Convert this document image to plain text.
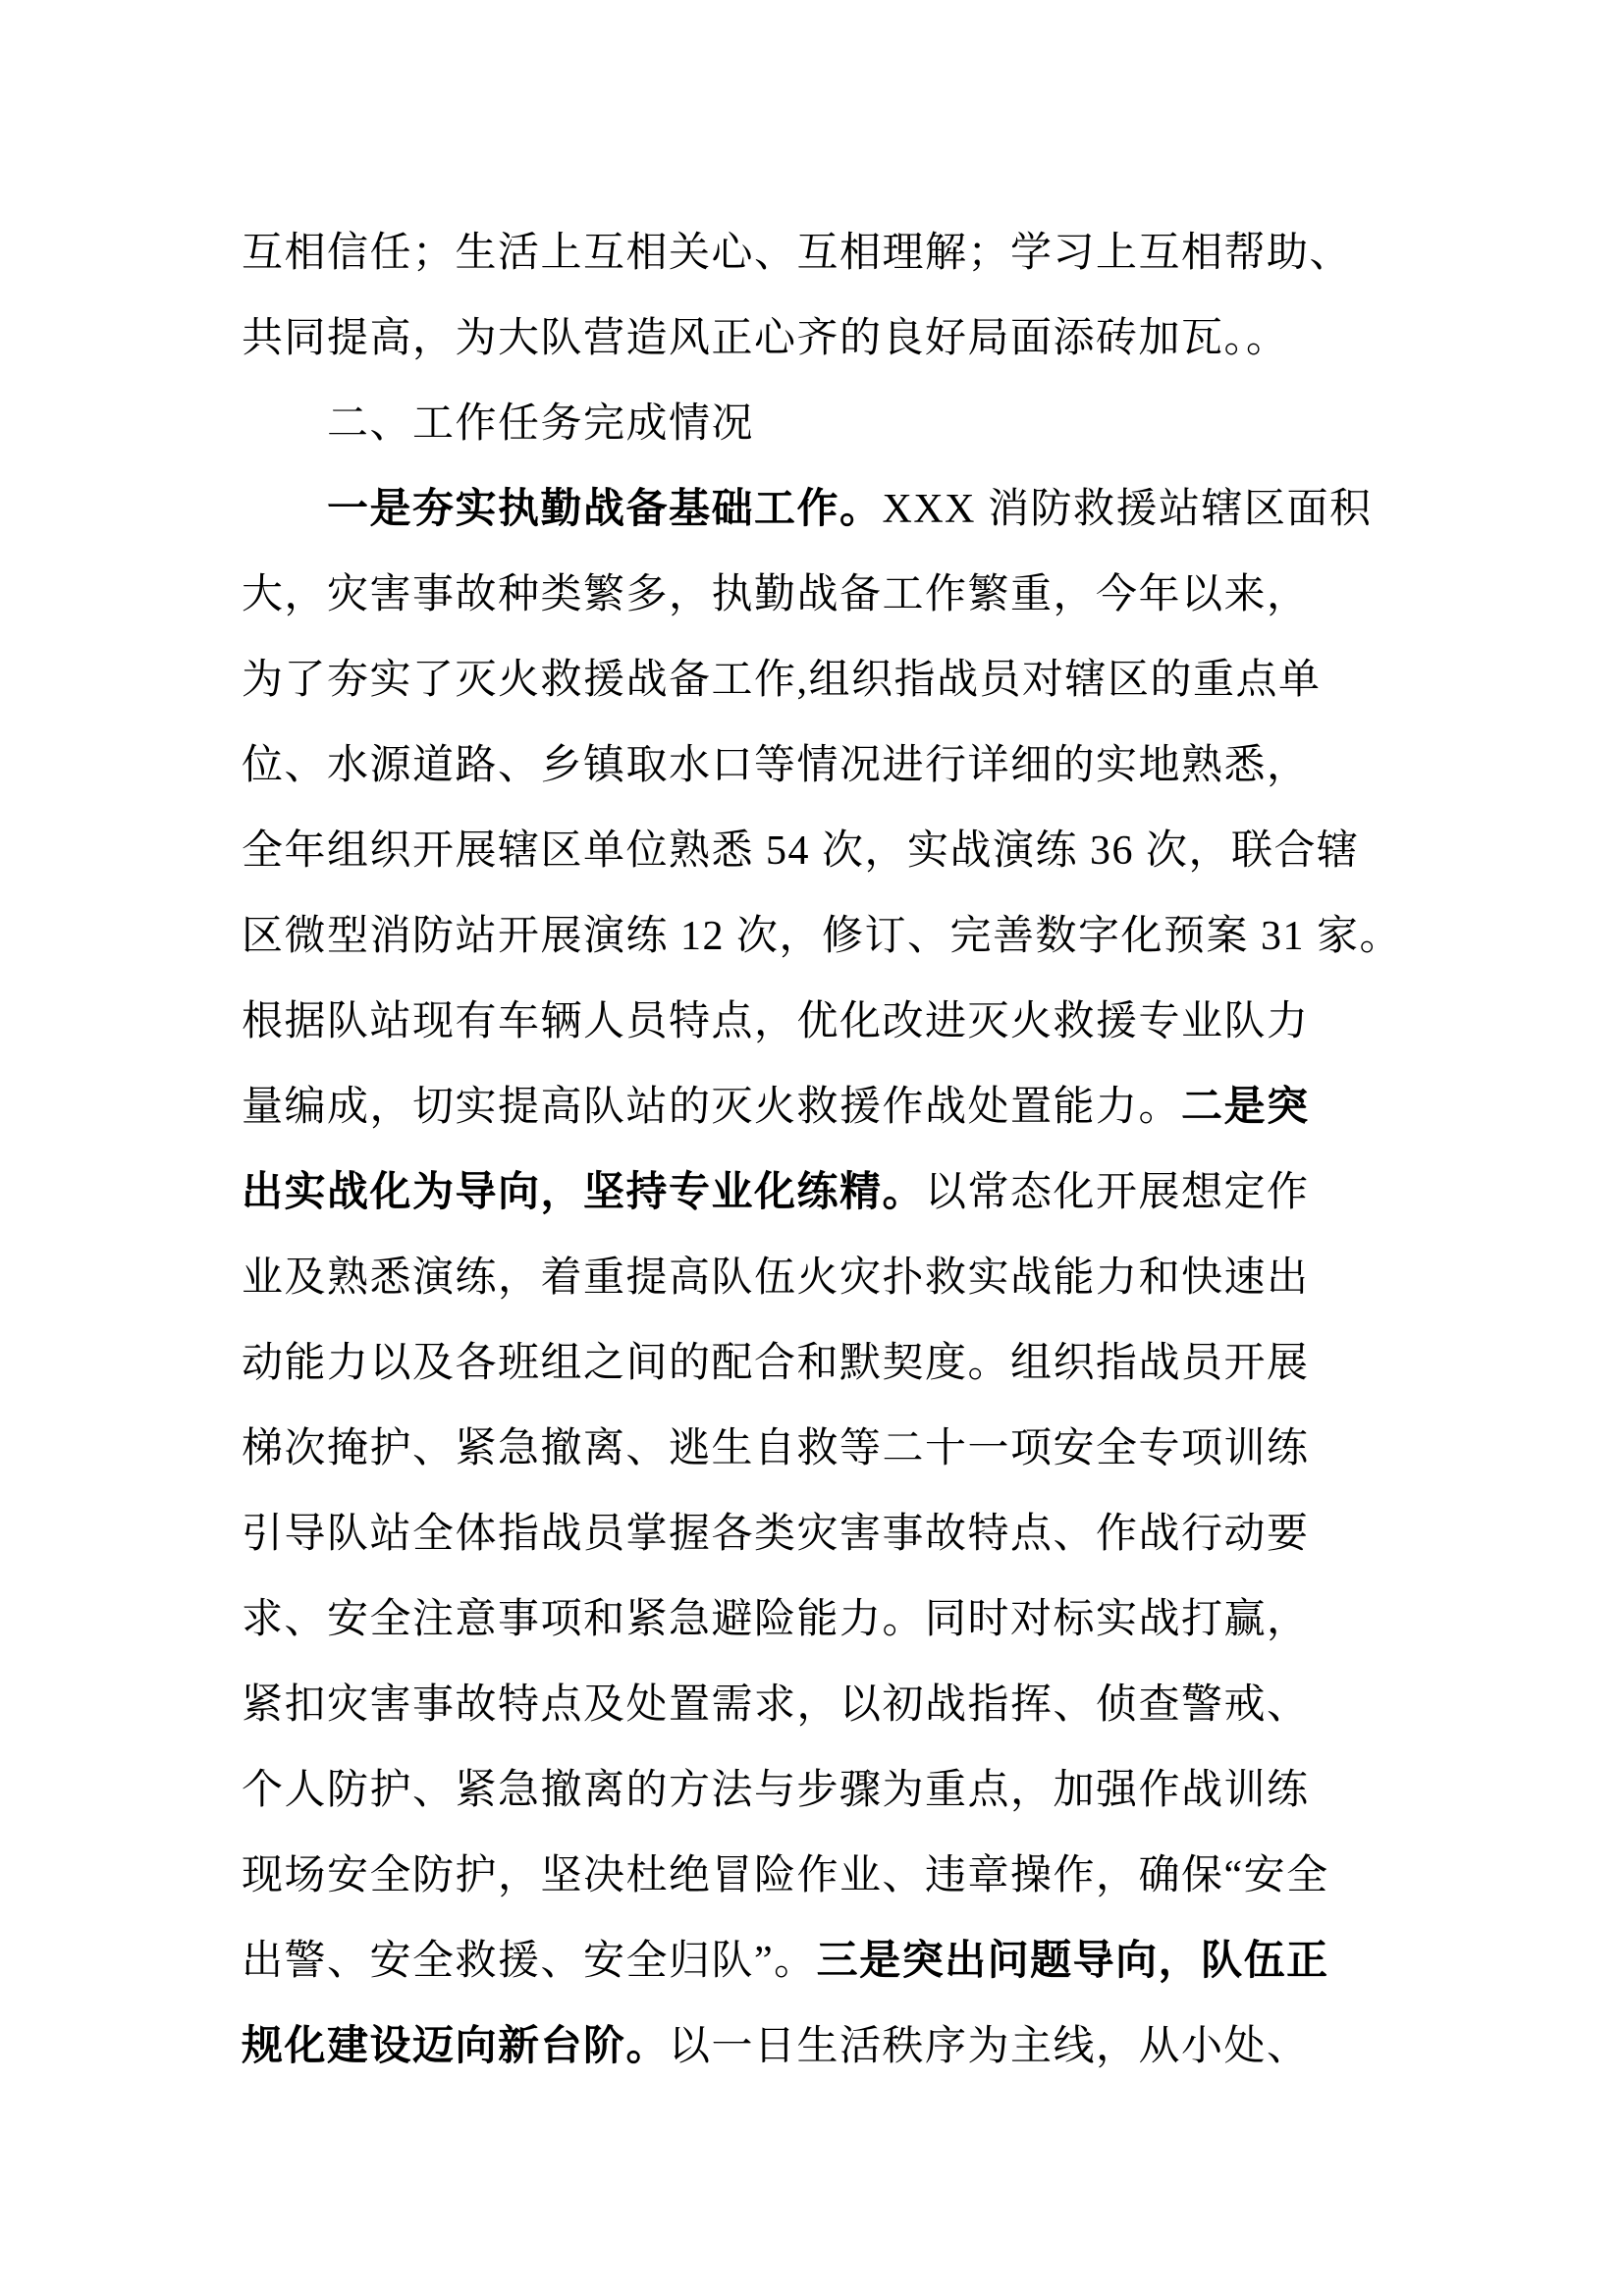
互相信任；生活上互相关心、互相理解；学习上互相帮助、
共同提高，为大队营造风正心齐的良好局面添砖加瓦。。
二、工作任务完成情况
一是夯实执勤战备基础工作。XXX 消防救援站辖区面积
大，灾害事故种类繁多，执勤战备工作繁重，今年以来，
为了夯实了灭火救援战备工作,组织指战员对辖区的重点单
位、水源道路、乡镇取水口等情况进行详细的实地熟悉，
全年组织开展辖区单位熟悉 54 次，实战演练 36 次，联合辖
区微型消防站开展演练 12 次，修订、完善数字化预案 31 家。
根据队站现有车辆人员特点，优化改进灭火救援专业队力
量编成，切实提高队站的灭火救援作战处置能力。二是突
出实战化为导向，坚持专业化练精。以常态化开展想定作
业及熟悉演练，着重提高队伍火灾扑救实战能力和快速出
动能力以及各班组之间的配合和默契度。组织指战员开展
梯次掩护、紧急撤离、逃生自救等二十一项安全专项训练
引导队站全体指战员掌握各类灾害事故特点、作战行动要
求、安全注意事项和紧急避险能力。同时对标实战打赢，
紧扣灾害事故特点及处置需求，以初战指挥、侦查警戒、
个人防护、紧急撤离的方法与步骤为重点，加强作战训练
现场安全防护，坚决杜绝冒险作业、违章操作，确保“安全
出警、安全救援、安全归队”。三是突出问题导向，队伍正
规化建设迈向新台阶。以一日生活秩序为主线，从小处、
